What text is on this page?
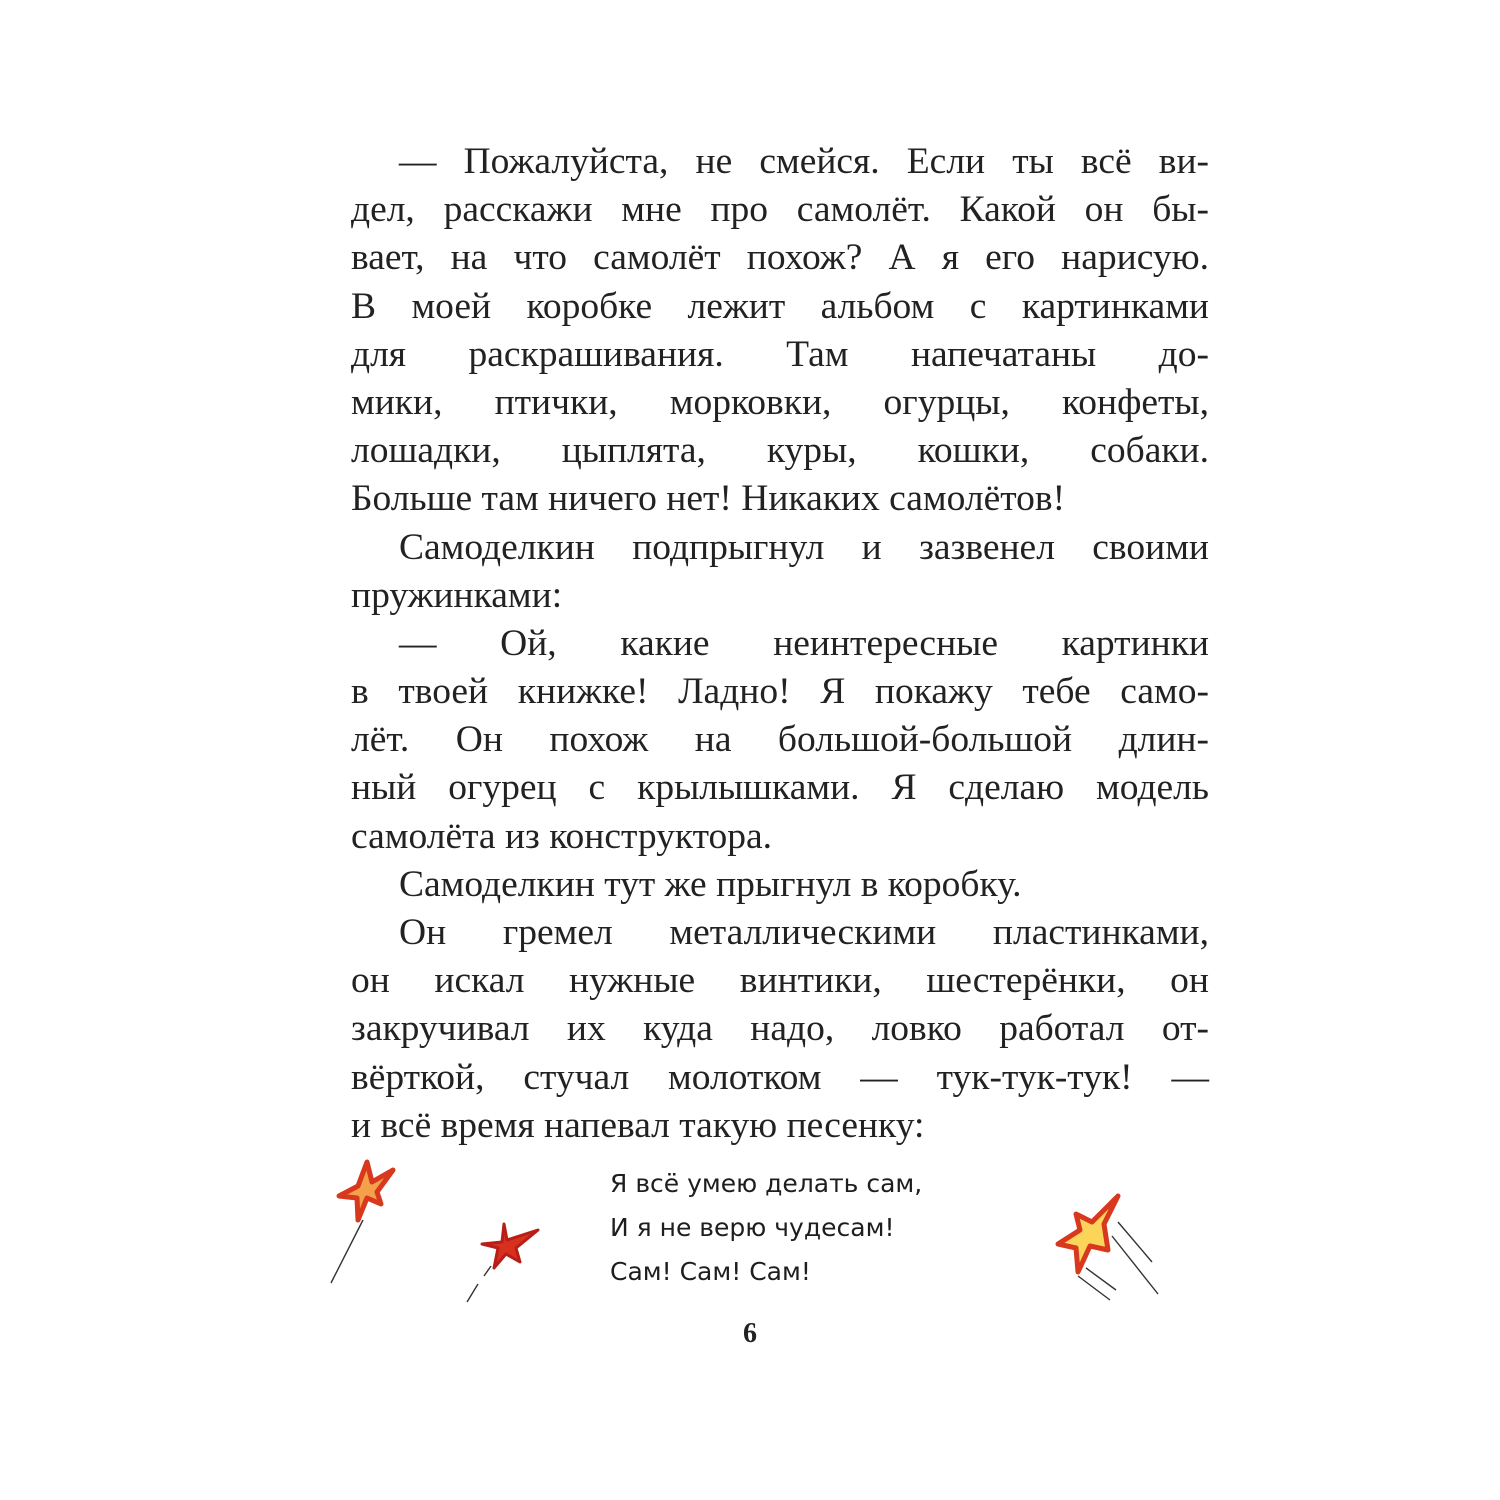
— Пожалуйста, не смейся. Если ты всё ви-
дел, расскажи мне про самолёт. Какой он бы-
вает, на что самолёт похож? А я его нарисую.
В моей коробке лежит альбом с картинками
для раскрашивания. Там напечатаны до-
мики, птички, морковки, огурцы, конфеты,
лошадки, цыплята, куры, кошки, собаки.
Больше там ничего нет! Никаких самолётов!
Самоделкин подпрыгнул и зазвенел своими
пружинками:
— Ой, какие неинтересные картинки
в твоей книжке! Ладно! Я покажу тебе само-
лёт. Он похож на большой-большой длин-
ный огурец с крылышками. Я сделаю модель
самолёта из конструктора.
Самоделкин тут же прыгнул в коробку.
Он гремел металлическими пластинками,
он искал нужные винтики, шестерёнки, он
закручивал их куда надо, ловко работал от-
вёрткой, стучал молотком — тук-тук-тук! —
и всё время напевал такую песенку:
Я всё умею делать сам,
И я не верю чудесам!
Сам! Сам! Сам!
6
